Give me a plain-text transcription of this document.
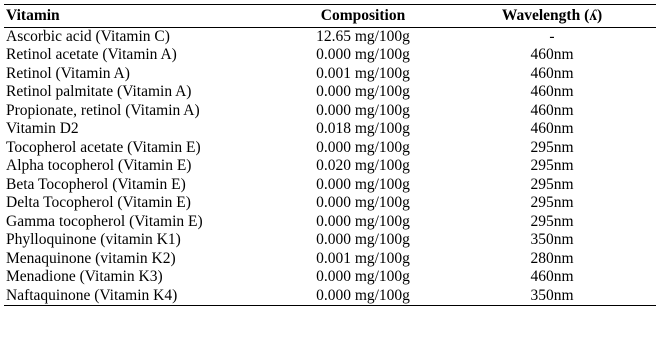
Vitamin	Composition	Wavelength (ʎ)
Ascorbic acid (Vitamin C)	12.65 mg/100g	-
Retinol acetate (Vitamin A)	0.000 mg/100g	460nm
Retinol (Vitamin A)	0.001 mg/100g	460nm
Retinol palmitate (Vitamin A)	0.000 mg/100g	460nm
Propionate, retinol (Vitamin A)	0.000 mg/100g	460nm
Vitamin D2	0.018 mg/100g	460nm
Tocopherol acetate (Vitamin E)	0.000 mg/100g	295nm
Alpha tocopherol (Vitamin E)	0.020 mg/100g	295nm
Beta Tocopherol (Vitamin E)	0.000 mg/100g	295nm
Delta Tocopherol (Vitamin E)	0.000 mg/100g	295nm
Gamma tocopherol (Vitamin E)	0.000 mg/100g	295nm
Phylloquinone (vitamin K1)	0.000 mg/100g	350nm
Menaquinone (vitamin K2)	0.001 mg/100g	280nm
Menadione (Vitamin K3)	0.000 mg/100g	460nm
Naftaquinone (Vitamin K4)	0.000 mg/100g	350nm
